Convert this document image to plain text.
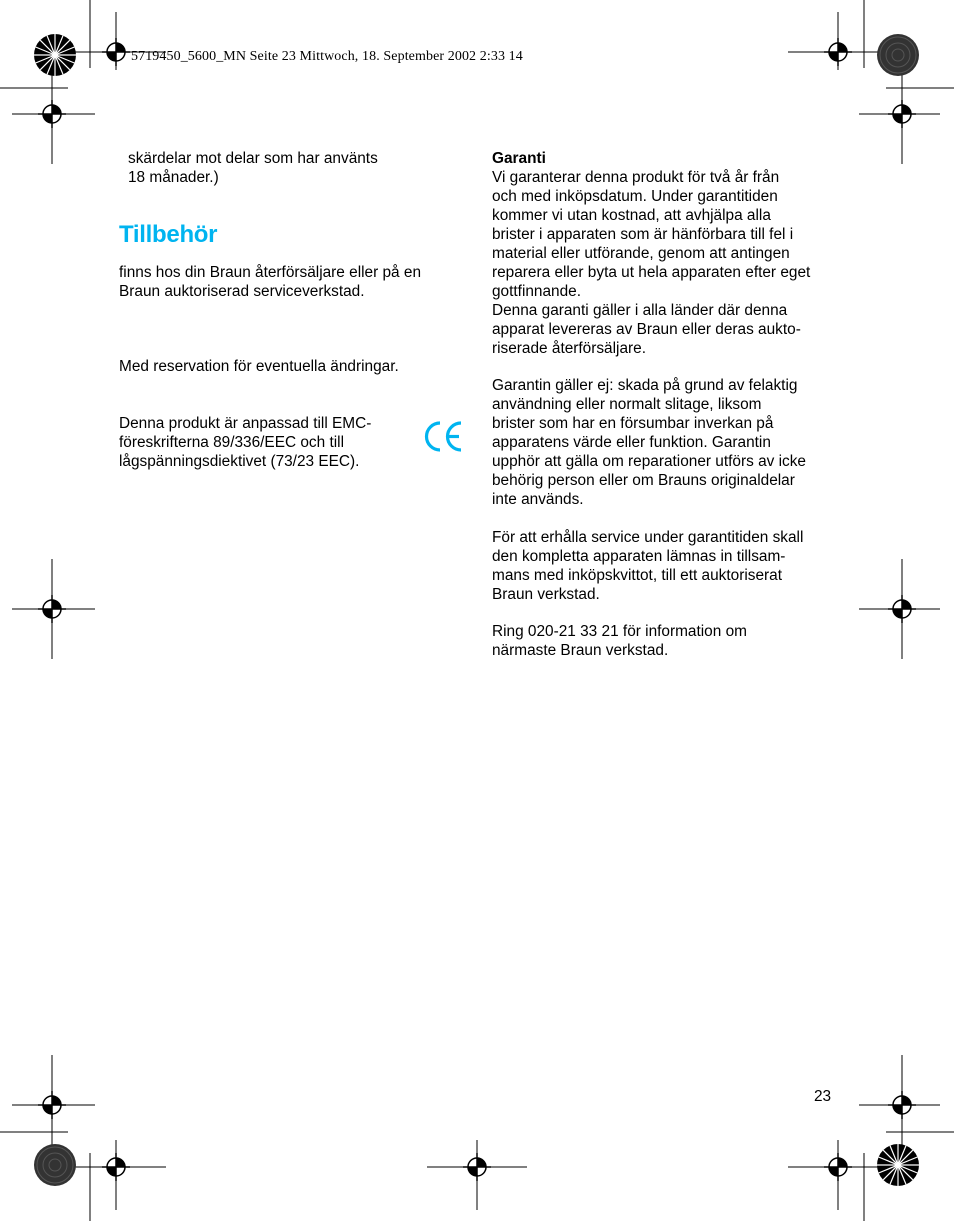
5719450_5600_MN Seite 23 Mittwoch, 18. September 2002 2:33 14
skärdelar mot delar som har använts
18 månader.)
Tillbehör
finns hos din Braun återförsäljare eller på en
Braun auktoriserad serviceverkstad.
Med reservation för eventuella ändringar.
Denna produkt är anpassad till EMC-
föreskrifterna 89/336/EEC och till
lågspänningsdiektivet (73/23 EEC).
Garanti
Vi garanterar denna produkt för två år från
och med inköpsdatum. Under garantitiden
kommer vi utan kostnad, att avhjälpa alla
brister i apparaten som är hänförbara till fel i
material eller utförande, genom att antingen
reparera eller byta ut hela apparaten efter eget
gottfinnande.
Denna garanti gäller i alla länder där denna
apparat levereras av Braun eller deras aukto-
riserade återförsäljare.
Garantin gäller ej: skada på grund av felaktig
användning eller normalt slitage, liksom
brister som har en försumbar inverkan på
apparatens värde eller funktion. Garantin
upphör att gälla om reparationer utförs av icke
behörig person eller om Brauns originaldelar
inte används.
För att erhålla service under garantitiden skall
den kompletta apparaten lämnas in tillsam-
mans med inköpskvittot, till ett auktoriserat
Braun verkstad.
Ring 020-21 33 21 för information om
närmaste Braun verkstad.
23
